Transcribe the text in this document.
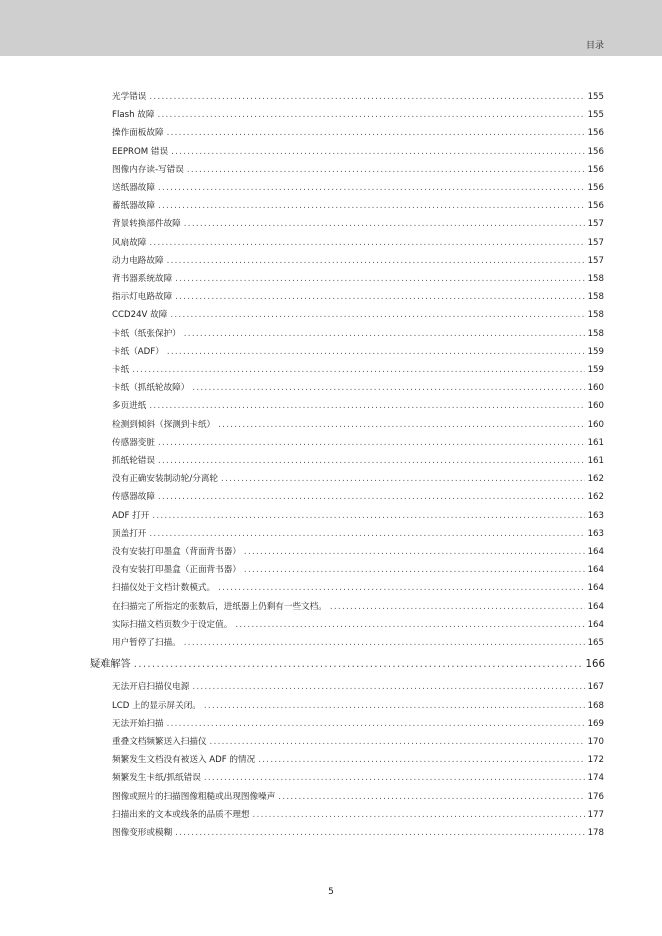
目录
光学错误 .....	155
Flash 故障 .....	155
操作面板故障 .....	156
EEPROM 错误 .....	156
图像内存读-写错误 .....	156
送纸器故障 .....	156
蓄纸器故障 .....	156
背景转换部件故障 .....	157
风扇故障 .....	157
动力电路故障 .....	157
背书器系统故障 .....	158
指示灯电路故障 .....	158
CCD24V 故障 .....	158
卡纸（纸张保护） .....	158
卡纸（ADF） .....	159
卡纸 .....	159
卡纸（抓纸轮故障） .....	160
多页进纸 .....	160
检测到倾斜（探测到卡纸） .....	160
传感器变脏 .....	161
抓纸轮错误 .....	161
没有正确安装制动轮/分离轮 .....	162
传感器故障 .....	162
ADF 打开 .....	163
顶盖打开 .....	163
没有安装打印墨盒（背面背书器） .....	164
没有安装打印墨盒（正面背书器） .....	164
扫描仪处于文档计数模式。 .....	164
在扫描完了所指定的张数后，进纸器上仍剩有一些文档。 .....	164
实际扫描文档页数少于设定值。 .....	164
用户暂停了扫描。 .....	165
疑难解答 .....	166
无法开启扫描仪电源 .....	167
LCD 上的显示屏关闭。 .....	168
无法开始扫描 .....	169
重叠文档频繁送入扫描仪 .....	170
频繁发生文档没有被送入 ADF 的情况 .....	172
频繁发生卡纸/抓纸错误 .....	174
图像或照片的扫描图像粗糙或出现图像噪声 .....	176
扫描出来的文本或线条的品质不理想 .....	177
图像变形或模糊 .....	178
5
